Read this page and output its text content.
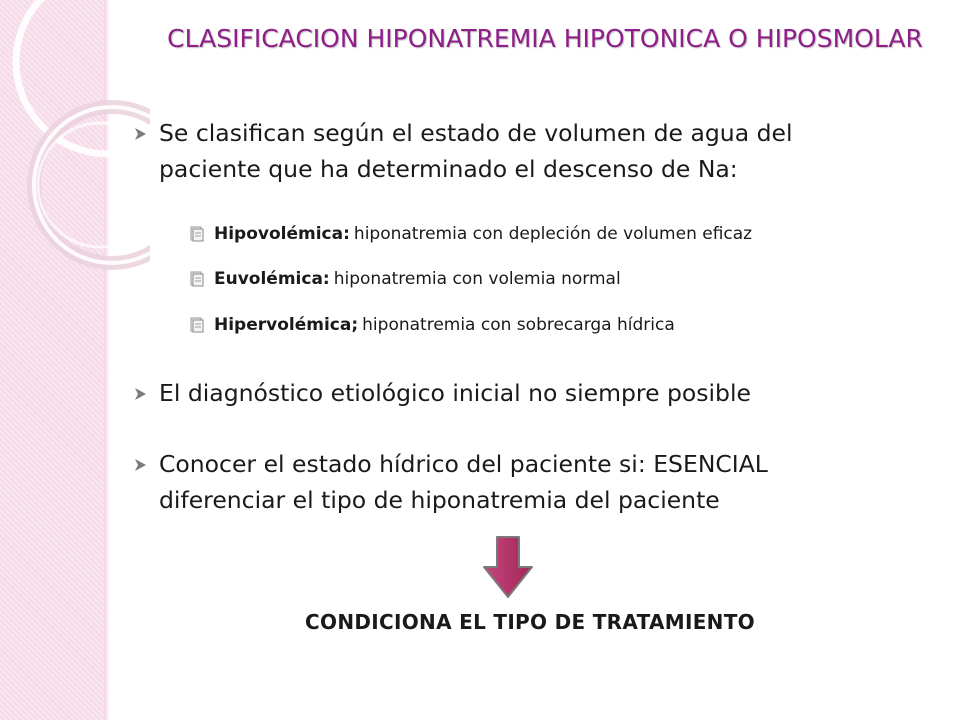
CLASIFICACION HIPONATREMIA HIPOTONICA O HIPOSMOLAR
Se clasifican según el estado de volumen de agua del paciente que ha determinado el descenso de Na:
Hipovolémica: hiponatremia con depleción de volumen eficaz
Euvolémica: hiponatremia con volemia normal
Hipervolémica; hiponatremia con sobrecarga hídrica
El diagnóstico etiológico inicial no siempre posible
Conocer el estado hídrico del paciente si: ESENCIAL diferenciar el tipo de hiponatremia del paciente
CONDICIONA EL TIPO DE TRATAMIENTO
